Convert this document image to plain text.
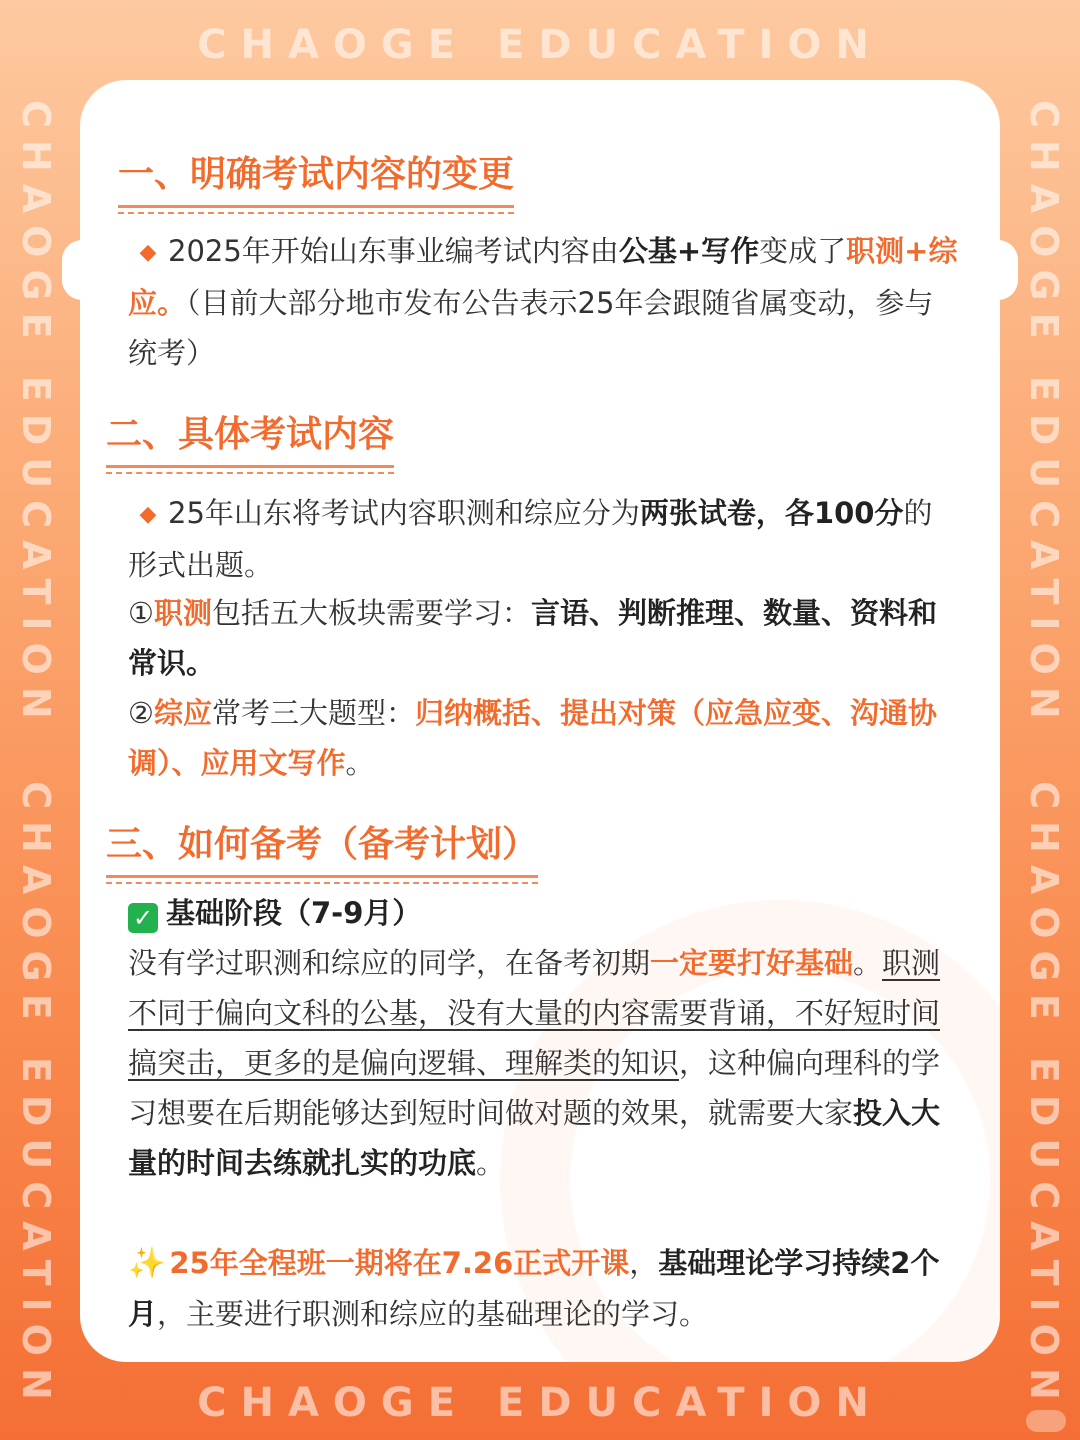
CHAOGE EDUCATION
CHAOGE EDUCATION  CHAOGE EDUCATION
CHAOGE EDUCATION  CHAOGE EDUCATION
CHAOGE EDUCATION
一、明确考试内容的变更
◆ 2025年开始山东事业编考试内容由公基+写作变成了职测+综应。（目前大部分地市发布公告表示25年会跟随省属变动，参与统考）
二、具体考试内容
◆ 25年山东将考试内容职测和综应分为两张试卷，各100分的形式出题。
①职测包括五大板块需要学习：言语、判断推理、数量、资料和常识。
②综应常考三大题型：归纳概括、提出对策（应急应变、沟通协调）、应用文写作。
三、如何备考（备考计划）
✓ 基础阶段（7-9月）
没有学过职测和综应的同学，在备考初期一定要打好基础。职测不同于偏向文科的公基，没有大量的内容需要背诵，不好短时间搞突击，更多的是偏向逻辑、理解类的知识，这种偏向理科的学习想要在后期能够达到短时间做对题的效果，就需要大家投入大量的时间去练就扎实的功底。
✨ 25年全程班一期将在7.26正式开课，基础理论学习持续2个月，主要进行职测和综应的基础理论的学习。
